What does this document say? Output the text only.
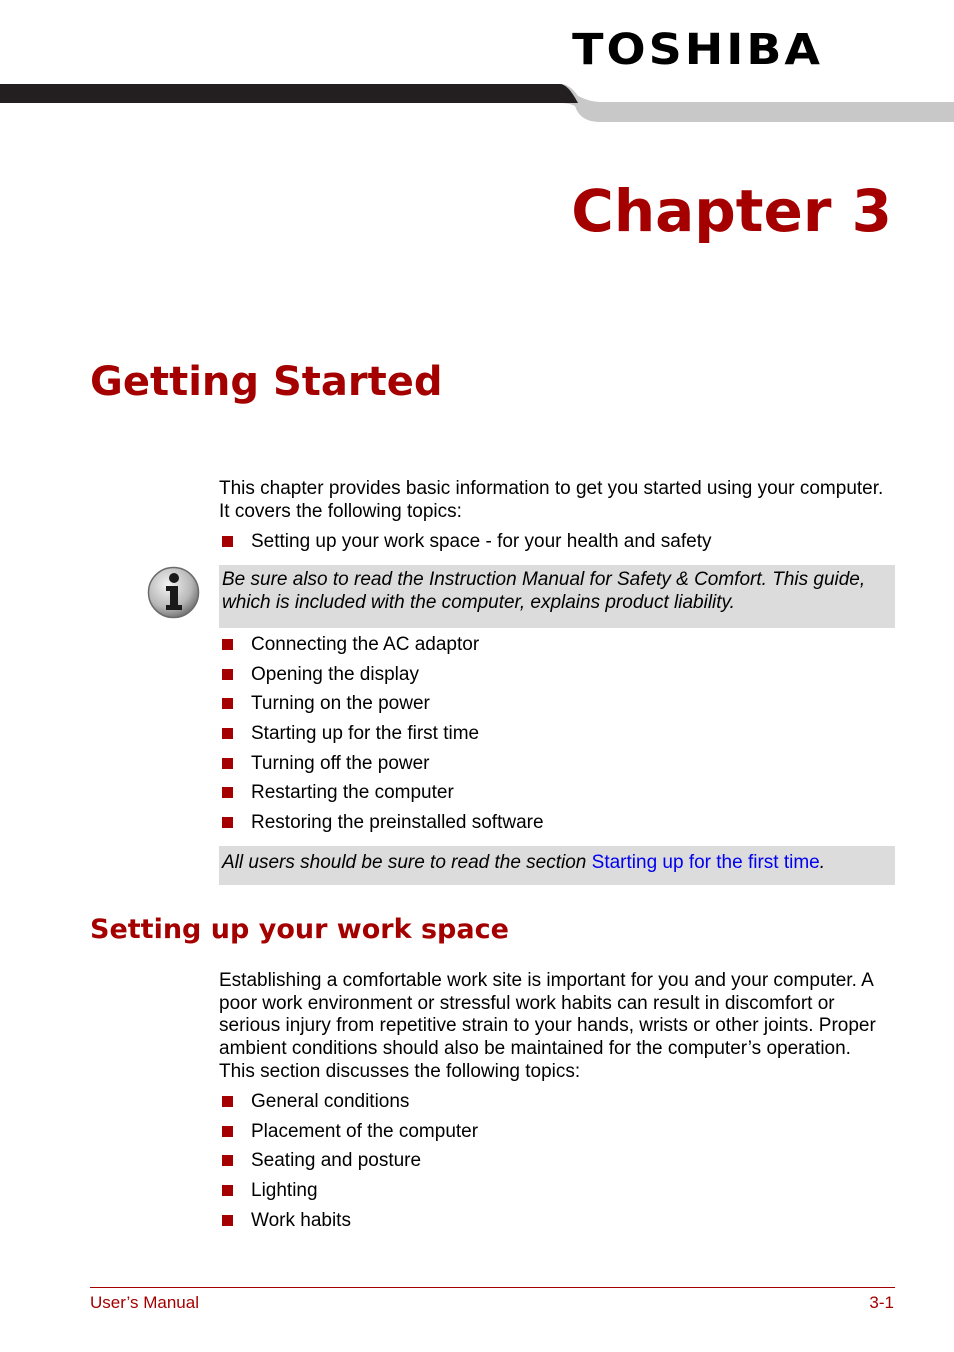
TOSHIBA
Chapter 3
Getting Started

This chapter provides basic information to get you started using your computer. It covers the following topics:

Setting up your work space - for your health and safety
Be sure also to read the Instruction Manual for Safety & Comfort. This guide, which is included with the computer, explains product liability.
Connecting the AC adaptor
Opening the display
Turning on the power
Starting up for the first time
Turning off the power
Restarting the computer
Restoring the preinstalled software
All users should be sure to read the section Starting up for the first time.
Setting up your work space

Establishing a comfortable work site is important for you and your computer. A poor work environment or stressful work habits can result in discomfort or serious injury from repetitive strain to your hands, wrists or other joints. Proper ambient conditions should also be maintained for the computer’s operation. This section discusses the following topics:

General conditions
Placement of the computer
Seating and posture
Lighting
Work habits
User’s Manual	3-1
